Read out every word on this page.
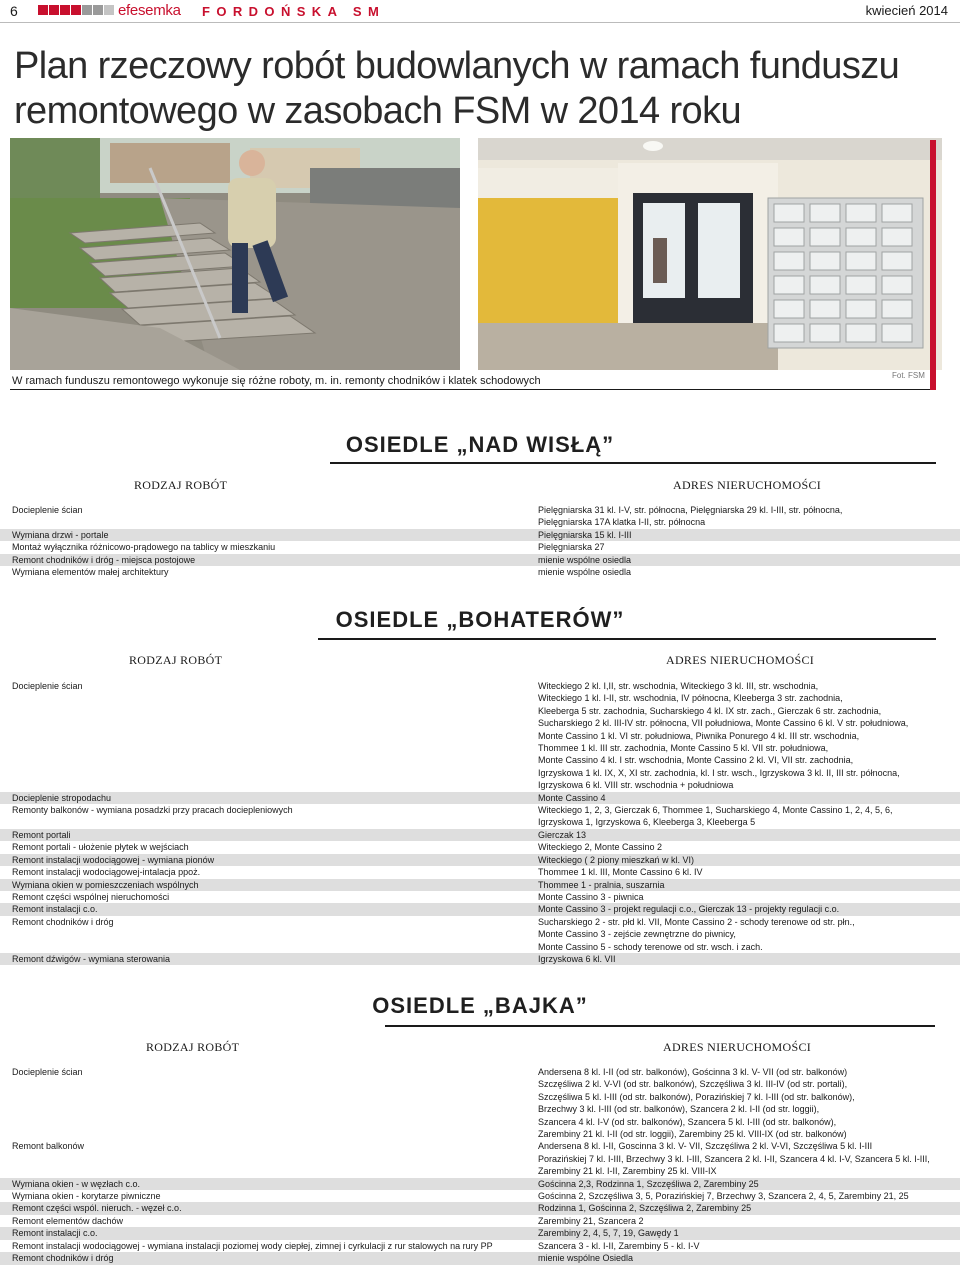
6	efesemka FORDOŃSKA SM	kwiecień 2014
Plan rzeczowy robót budowlanych w ramach funduszu remontowego w zasobach FSM w 2014 roku
W ramach funduszu remontowego wykonuje się różne roboty, m. in. remonty chodników i klatek schodowych	Fot. FSM
OSIEDLE „NAD WISŁĄ”
RODZAJ ROBÓT	ADRES NIERUCHOMOŚCI
Docieplenie ścian	Pielęgniarska 31 kl. I-V, str. północna, Pielęgniarska 29 kl. I-III, str. północna,
Pielęgniarska 17A klatka I-II, str. północna
Wymiana drzwi - portale	Pielęgniarska 15 kl. I-III
Montaż wyłącznika różnicowo-prądowego na tablicy w mieszkaniu	Pielęgniarska 27
Remont chodników i dróg - miejsca postojowe	mienie wspólne osiedla
Wymiana elementów małej architektury	mienie wspólne osiedla
OSIEDLE „BOHATERÓW”
RODZAJ ROBÓT	ADRES NIERUCHOMOŚCI
Docieplenie ścian	Witeckiego 2 kl. I,II, str. wschodnia, Witeckiego 3 kl. III, str. wschodnia,
Witeckiego 1 kl. I-II, str. wschodnia, IV północna, Kleeberga 3 str. zachodnia,
Kleeberga 5 str. zachodnia, Sucharskiego 4 kl. IX str. zach., Gierczak 6 str. zachodnia,
Sucharskiego 2 kl. III-IV str. północna, VII południowa, Monte Cassino 6 kl. V str. południowa,
Monte Cassino 1 kl. VI str. południowa, Piwnika Ponurego 4 kl. III str. wschodnia,
Thommee 1 kl. III str. zachodnia, Monte Cassino 5 kl. VII str. południowa,
Monte Cassino 4 kl. I str. wschodnia, Monte Cassino 2 kl. VI, VII str. zachodnia,
Igrzyskowa 1 kl. IX, X, XI str. zachodnia, kl. I str. wsch., Igrzyskowa 3 kl. II, III str. północna,
Igrzyskowa 6 kl. VIII str. wschodnia + południowa
Docieplenie stropodachu	Monte Cassino 4
Remonty balkonów - wymiana posadzki przy pracach dociepleniowych	Witeckiego 1, 2, 3, Gierczak 6, Thommee 1, Sucharskiego 4, Monte Cassino 1, 2, 4, 5, 6,
Igrzyskowa 1, Igrzyskowa 6, Kleeberga 3, Kleeberga 5
Remont portali	Gierczak 13
Remont portali - ułożenie płytek w wejściach	Witeckiego 2, Monte Cassino 2
Remont instalacji wodociągowej - wymiana pionów	Witeckiego ( 2 piony mieszkań w kl. VI)
Remont instalacji wodociągowej-intalacja ppoż.	Thommee 1 kl. III, Monte Cassino 6 kl. IV
Wymiana okien w pomieszczeniach wspólnych	Thommee 1 - pralnia, suszarnia
Remont części wspólnej nieruchomości	Monte Cassino 3 - piwnica
Remont instalacji c.o.	Monte Cassino 3 - projekt regulacji c.o., Gierczak 13 - projekty regulacji c.o.
Remont chodników i dróg	Sucharskiego 2 - str. płd kl. VII, Monte Cassino 2 - schody terenowe od str. płn.,
Monte Cassino 3 - zejście zewnętrzne do piwnicy,
Monte Cassino 5 - schody terenowe od str. wsch. i zach.
Remont dźwigów - wymiana sterowania	Igrzyskowa 6 kl. VII
OSIEDLE „BAJKA”
RODZAJ ROBÓT	ADRES NIERUCHOMOŚCI
Docieplenie ścian	Andersena 8 kl. I-II (od str. balkonów), Gościnna 3 kl. V- VII (od str. balkonów)
Szczęśliwa 2 kl. V-VI (od str. balkonów), Szczęśliwa 3 kl. III-IV (od str. portali),
Szczęśliwa 5 kl. I-III (od str. balkonów), Porazińskiej 7 kl. I-III (od str. balkonów),
Brzechwy 3 kl. I-III (od str. balkonów), Szancera 2 kl. I-II (od str. loggii),
Szancera 4 kl. I-V (od str. balkonów), Szancera 5 kl. I-III (od str. balkonów),
Zarembiny 21 kl. I-II (od str. loggii), Zarembiny 25 kl. VIII-IX (od str. balkonów)
Remont balkonów	Andersena 8 kl. I-II, Goscinna 3 kl. V- VII, Szczęśliwa 2 kl. V-VI, Szczęśliwa 5 kl. I-III
Porazińskiej 7 kl. I-III, Brzechwy 3 kl. I-III, Szancera 2 kl. I-II, Szancera 4 kl. I-V, Szancera 5 kl. I-III,
Zarembiny 21 kl. I-II, Zarembiny 25 kl. VIII-IX
Wymiana okien - w węzłach c.o.	Gościnna 2,3, Rodzinna 1, Szczęśliwa 2, Zarembiny 25
Wymiana okien - korytarze piwniczne	Gościnna 2, Szczęśliwa 3, 5, Porazińskiej 7, Brzechwy 3, Szancera 2, 4, 5, Zarembiny 21, 25
Remont części wspól. nieruch. - węzeł c.o.	Rodzinna 1, Gościnna 2, Szczęśliwa 2, Zarembiny 25
Remont elementów dachów	Zarembiny 21, Szancera 2
Remont instalacji c.o.	Zarembiny 2, 4, 5, 7, 19, Gawędy 1
Remont instalacji wodociągowej - wymiana instalacji poziomej wody ciepłej, zimnej i cyrkulacji z rur stalowych na rury PP	Szancera 3 - kl. I-II, Zarembiny 5 - kl. I-V
Remont chodników i dróg	mienie wspólne Osiedla
